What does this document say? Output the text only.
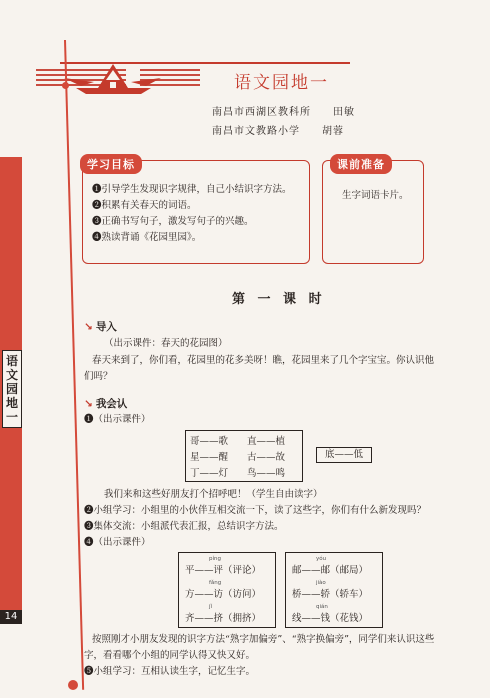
语文园地一
南昌市西湖区教科所　　田敏
南昌市文教路小学　　胡蓉
语
文
园
地
一
14
学习目标
❶引导学生发现识字规律，自己小结识字方法。
❷积累有关春天的词语。
❸正确书写句子，激发写句子的兴趣。
❹熟读背诵《花园里园》。
课前准备
生字词语卡片。
第 一 课 时
↘ 导入
（出示课件：春天的花园图）
春天来到了，你们看，花园里的花多美呀！瞧，花园里来了几个字宝宝。你认识他
们吗？
↘ 我会认
❶（出示课件）
哥——歌　　直——植
星——醒　　古——故
丁——灯　　鸟——鸣
底——低
我们来和这些好朋友打个招呼吧！（学生自由读字）
❷小组学习：小组里的小伙伴互相交流一下，读了这些字，你们有什么新发现吗？
❸集体交流：小组派代表汇报，总结识字方法。
❹（出示课件）
píng
平——评（评论）
fǎng
方——访（访问）
jǐ
齐——挤（拥挤）
yóu
邮——邮（邮局）
jiào
桥——轿（轿车）
qián
线——钱（花钱）
按照刚才小朋友发现的识字方法“熟字加偏旁”、“熟字换偏旁”，同学们来认识这些
字，看看哪个小组的同学认得又快又好。
❺小组学习：互相认读生字，记忆生字。
